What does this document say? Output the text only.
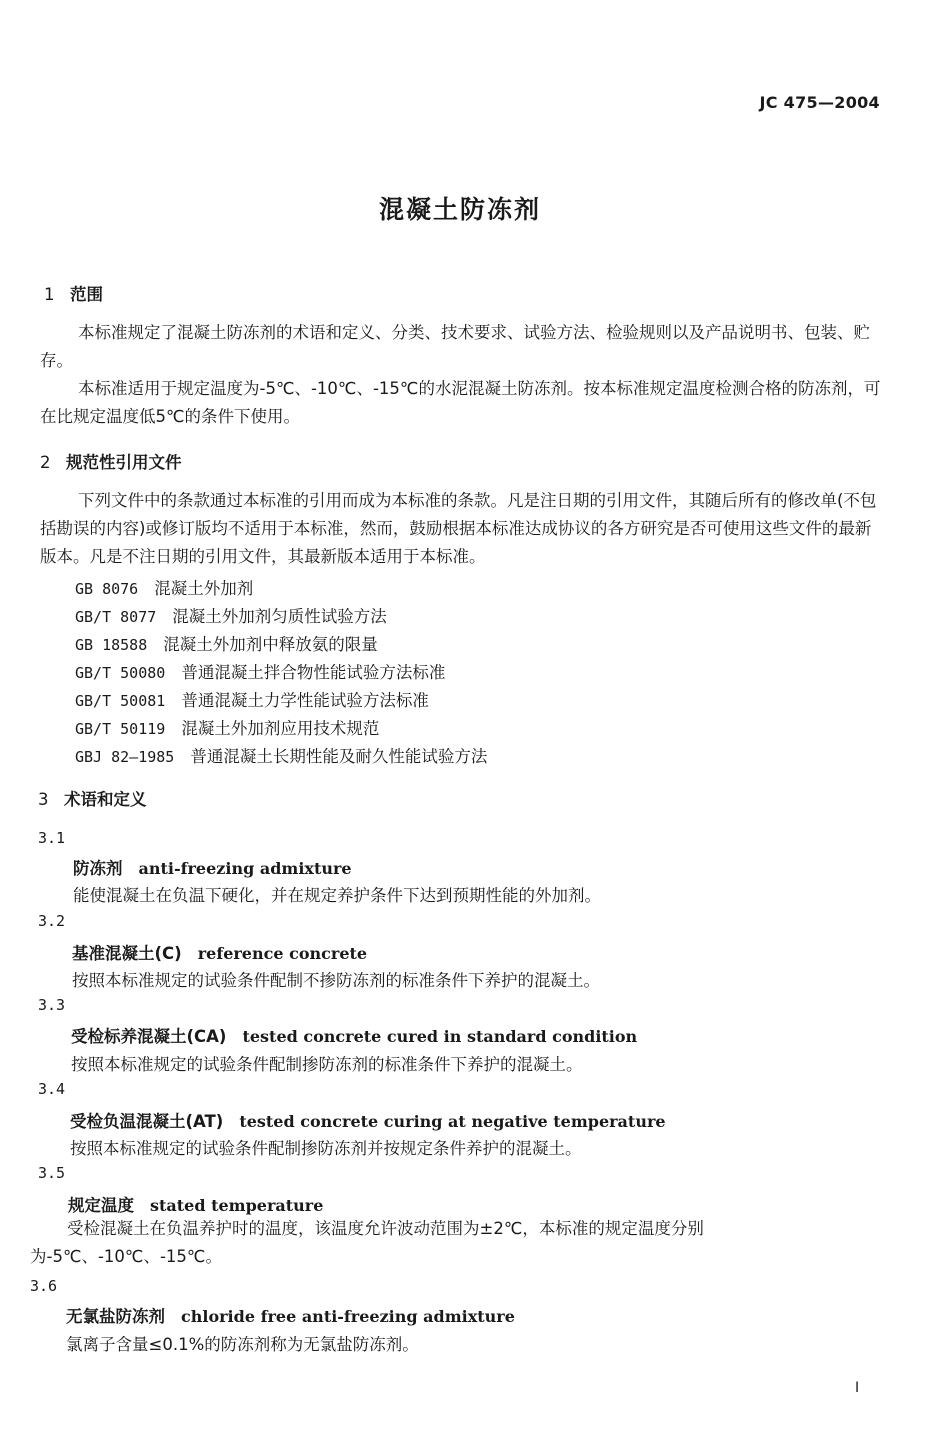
JC 475—2004
混凝土防冻剂
1 范围
本标准规定了混凝土防冻剂的术语和定义、分类、技术要求、试验方法、检验规则以及产品说明书、包装、贮存。
本标准适用于规定温度为-5℃、-10℃、-15℃的水泥混凝土防冻剂。按本标准规定温度检测合格的防冻剂，可在比规定温度低5℃的条件下使用。
2 规范性引用文件
下列文件中的条款通过本标准的引用而成为本标准的条款。凡是注日期的引用文件，其随后所有的修改单(不包括勘误的内容)或修订版均不适用于本标准，然而，鼓励根据本标准达成协议的各方研究是否可使用这些文件的最新版本。凡是不注日期的引用文件，其最新版本适用于本标准。
GB 8076 混凝土外加剂
GB/T 8077 混凝土外加剂匀质性试验方法
GB 18588 混凝土外加剂中释放氨的限量
GB/T 50080 普通混凝土拌合物性能试验方法标准
GB/T 50081 普通混凝土力学性能试验方法标准
GB/T 50119 混凝土外加剂应用技术规范
GBJ 82—1985 普通混凝土长期性能及耐久性能试验方法
3 术语和定义
3.1
防冻剂 anti-freezing admixture
能使混凝土在负温下硬化，并在规定养护条件下达到预期性能的外加剂。
3.2
基准混凝土(C) reference concrete
按照本标准规定的试验条件配制不掺防冻剂的标准条件下养护的混凝土。
3.3
受检标养混凝土(CA) tested concrete cured in standard condition
按照本标准规定的试验条件配制掺防冻剂的标准条件下养护的混凝土。
3.4
受检负温混凝土(AT) tested concrete curing at negative temperature
按照本标准规定的试验条件配制掺防冻剂并按规定条件养护的混凝土。
3.5
规定温度 stated temperature
受检混凝土在负温养护时的温度，该温度允许波动范围为±2℃，本标准的规定温度分别为-5℃、-10℃、-15℃。
3.6
无氯盐防冻剂 chloride free anti-freezing admixture
氯离子含量≤0.1%的防冻剂称为无氯盐防冻剂。
I
